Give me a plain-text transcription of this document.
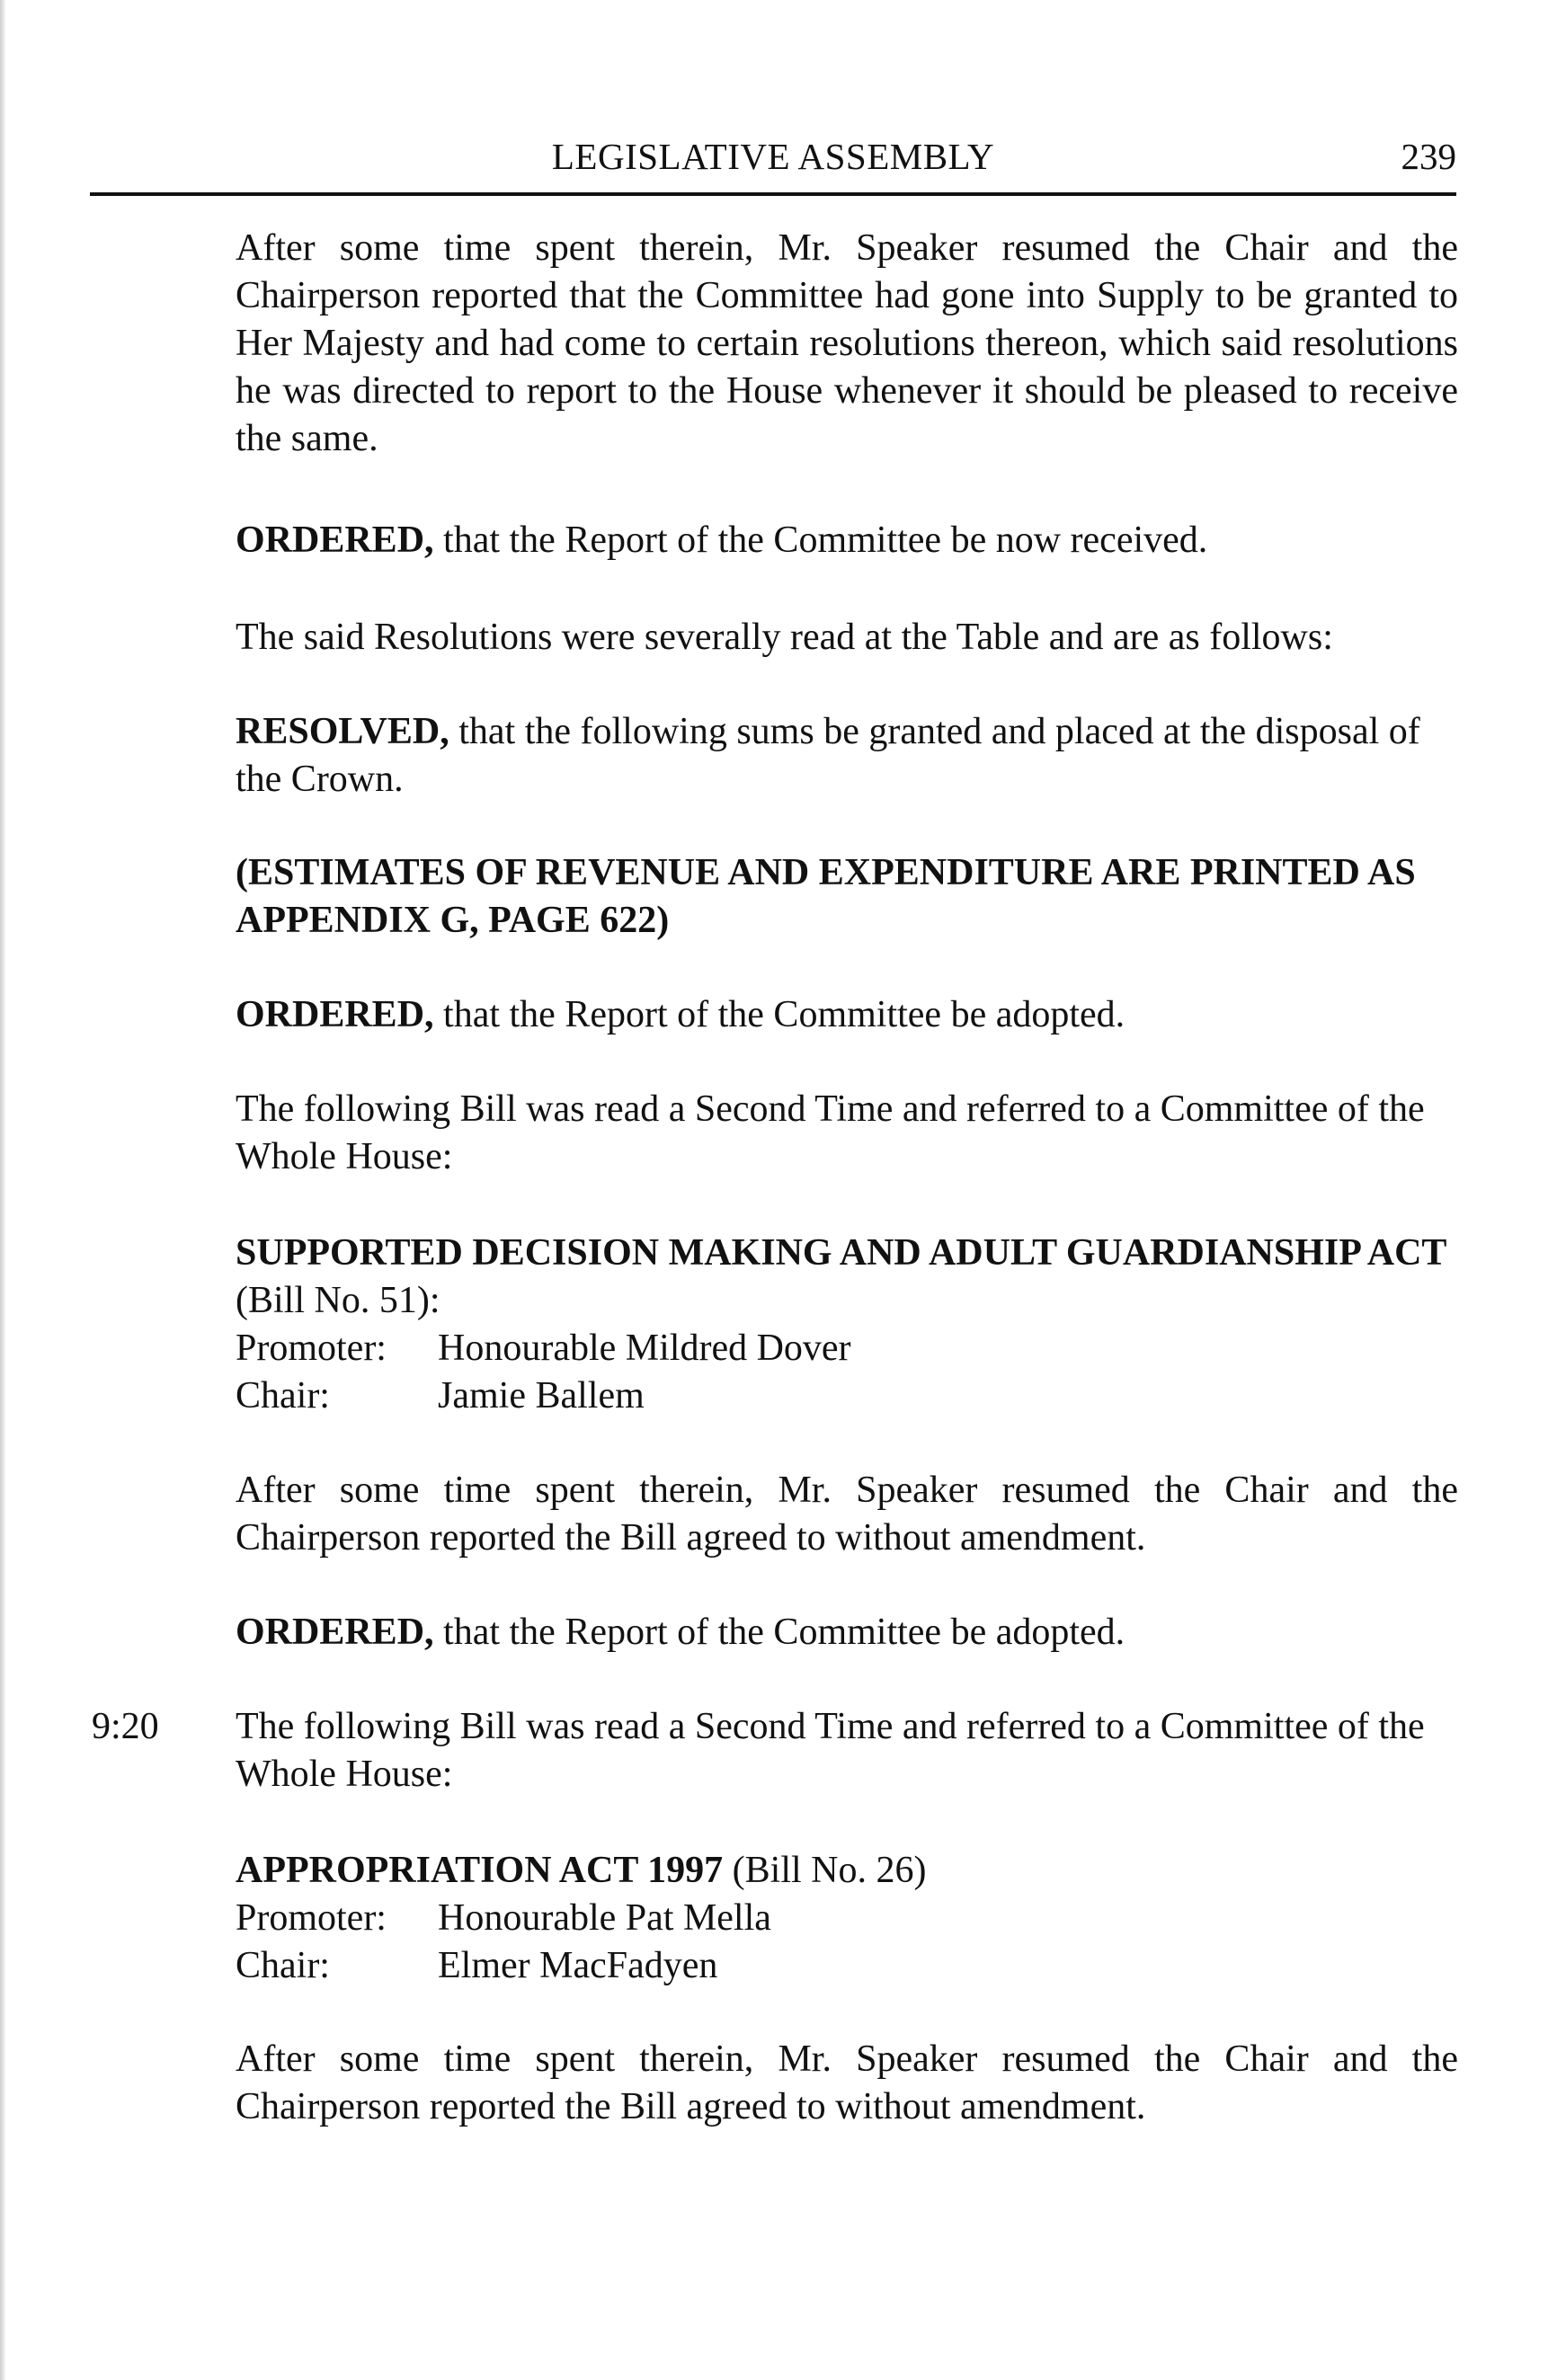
LEGISLATIVE ASSEMBLY	239

After some time spent therein, Mr. Speaker resumed the Chair and the Chairperson reported that the Committee had gone into Supply to be granted to Her Majesty and had come to certain resolutions thereon, which said resolutions he was directed to report to the House whenever it should be pleased to receive the same.

ORDERED, that the Report of the Committee be now received.

The said Resolutions were severally read at the Table and are as follows:

RESOLVED, that the following sums be granted and placed at the disposal of the Crown.

(ESTIMATES OF REVENUE AND EXPENDITURE ARE PRINTED AS APPENDIX G, PAGE 622)

ORDERED, that the Report of the Committee be adopted.

The following Bill was read a Second Time and referred to a Committee of the Whole House:

SUPPORTED DECISION MAKING AND ADULT GUARDIANSHIP ACT (Bill No. 51):
Promoter: Honourable Mildred Dover
Chair:	Jamie Ballem

After some time spent therein, Mr. Speaker resumed the Chair and the Chairperson reported the Bill agreed to without amendment.

ORDERED, that the Report of the Committee be adopted.

9:20 The following Bill was read a Second Time and referred to a Committee of the Whole House:

APPROPRIATION ACT 1997 (Bill No. 26)
Promoter: Honourable Pat Mella
Chair:	Elmer MacFadyen

After some time spent therein, Mr. Speaker resumed the Chair and the Chairperson reported the Bill agreed to without amendment.
